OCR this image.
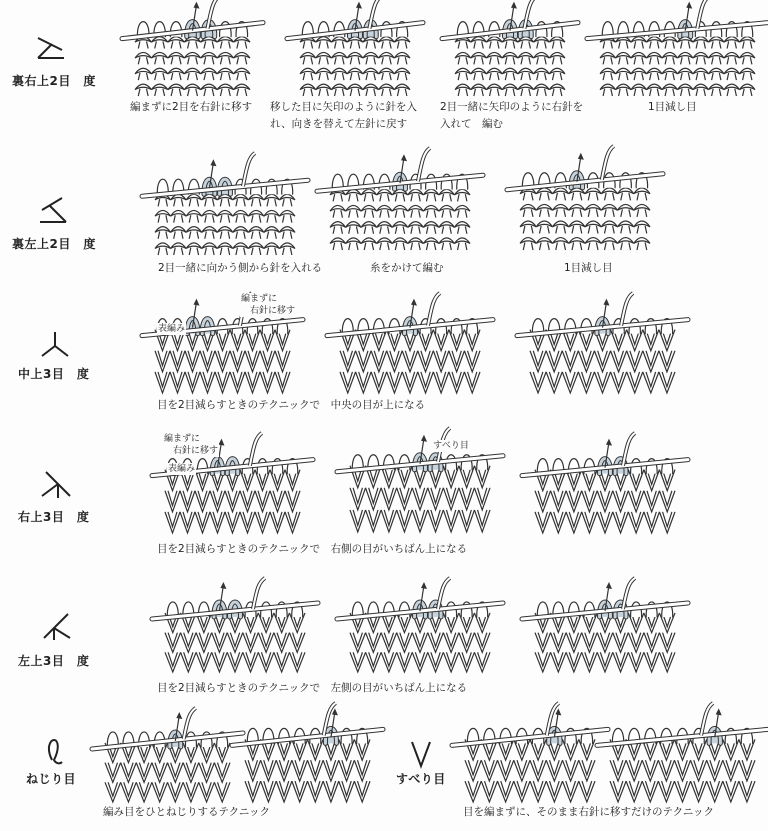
裏右上2目　度
編まずに2目を右針に移す 移した目に矢印のように針を入
れ、向きを替えて左針に戻す
2目一緒に矢印のように右針を
入れて　編む
1目減し目
裏左上2目　度
2目一緒に向かう側から針を入れる	糸をかけて編む	1目減し目
中上3目　度
編まずに
　右針に移す
表編み
目を2目減らすときのテクニックで　中央の目が上になる
右上3目　度
編まずに
　右針に移す
表編み
すべり目
目を2目減らすときのテクニックで　右側の目がいちばん上になる
左上3目　度
目を2目減らすときのテクニックで　左側の目がいちばん上になる
ねじり目
編み目をひとねじりするテクニック
すべり目
目を編まずに、そのまま右針に移すだけのテクニック
